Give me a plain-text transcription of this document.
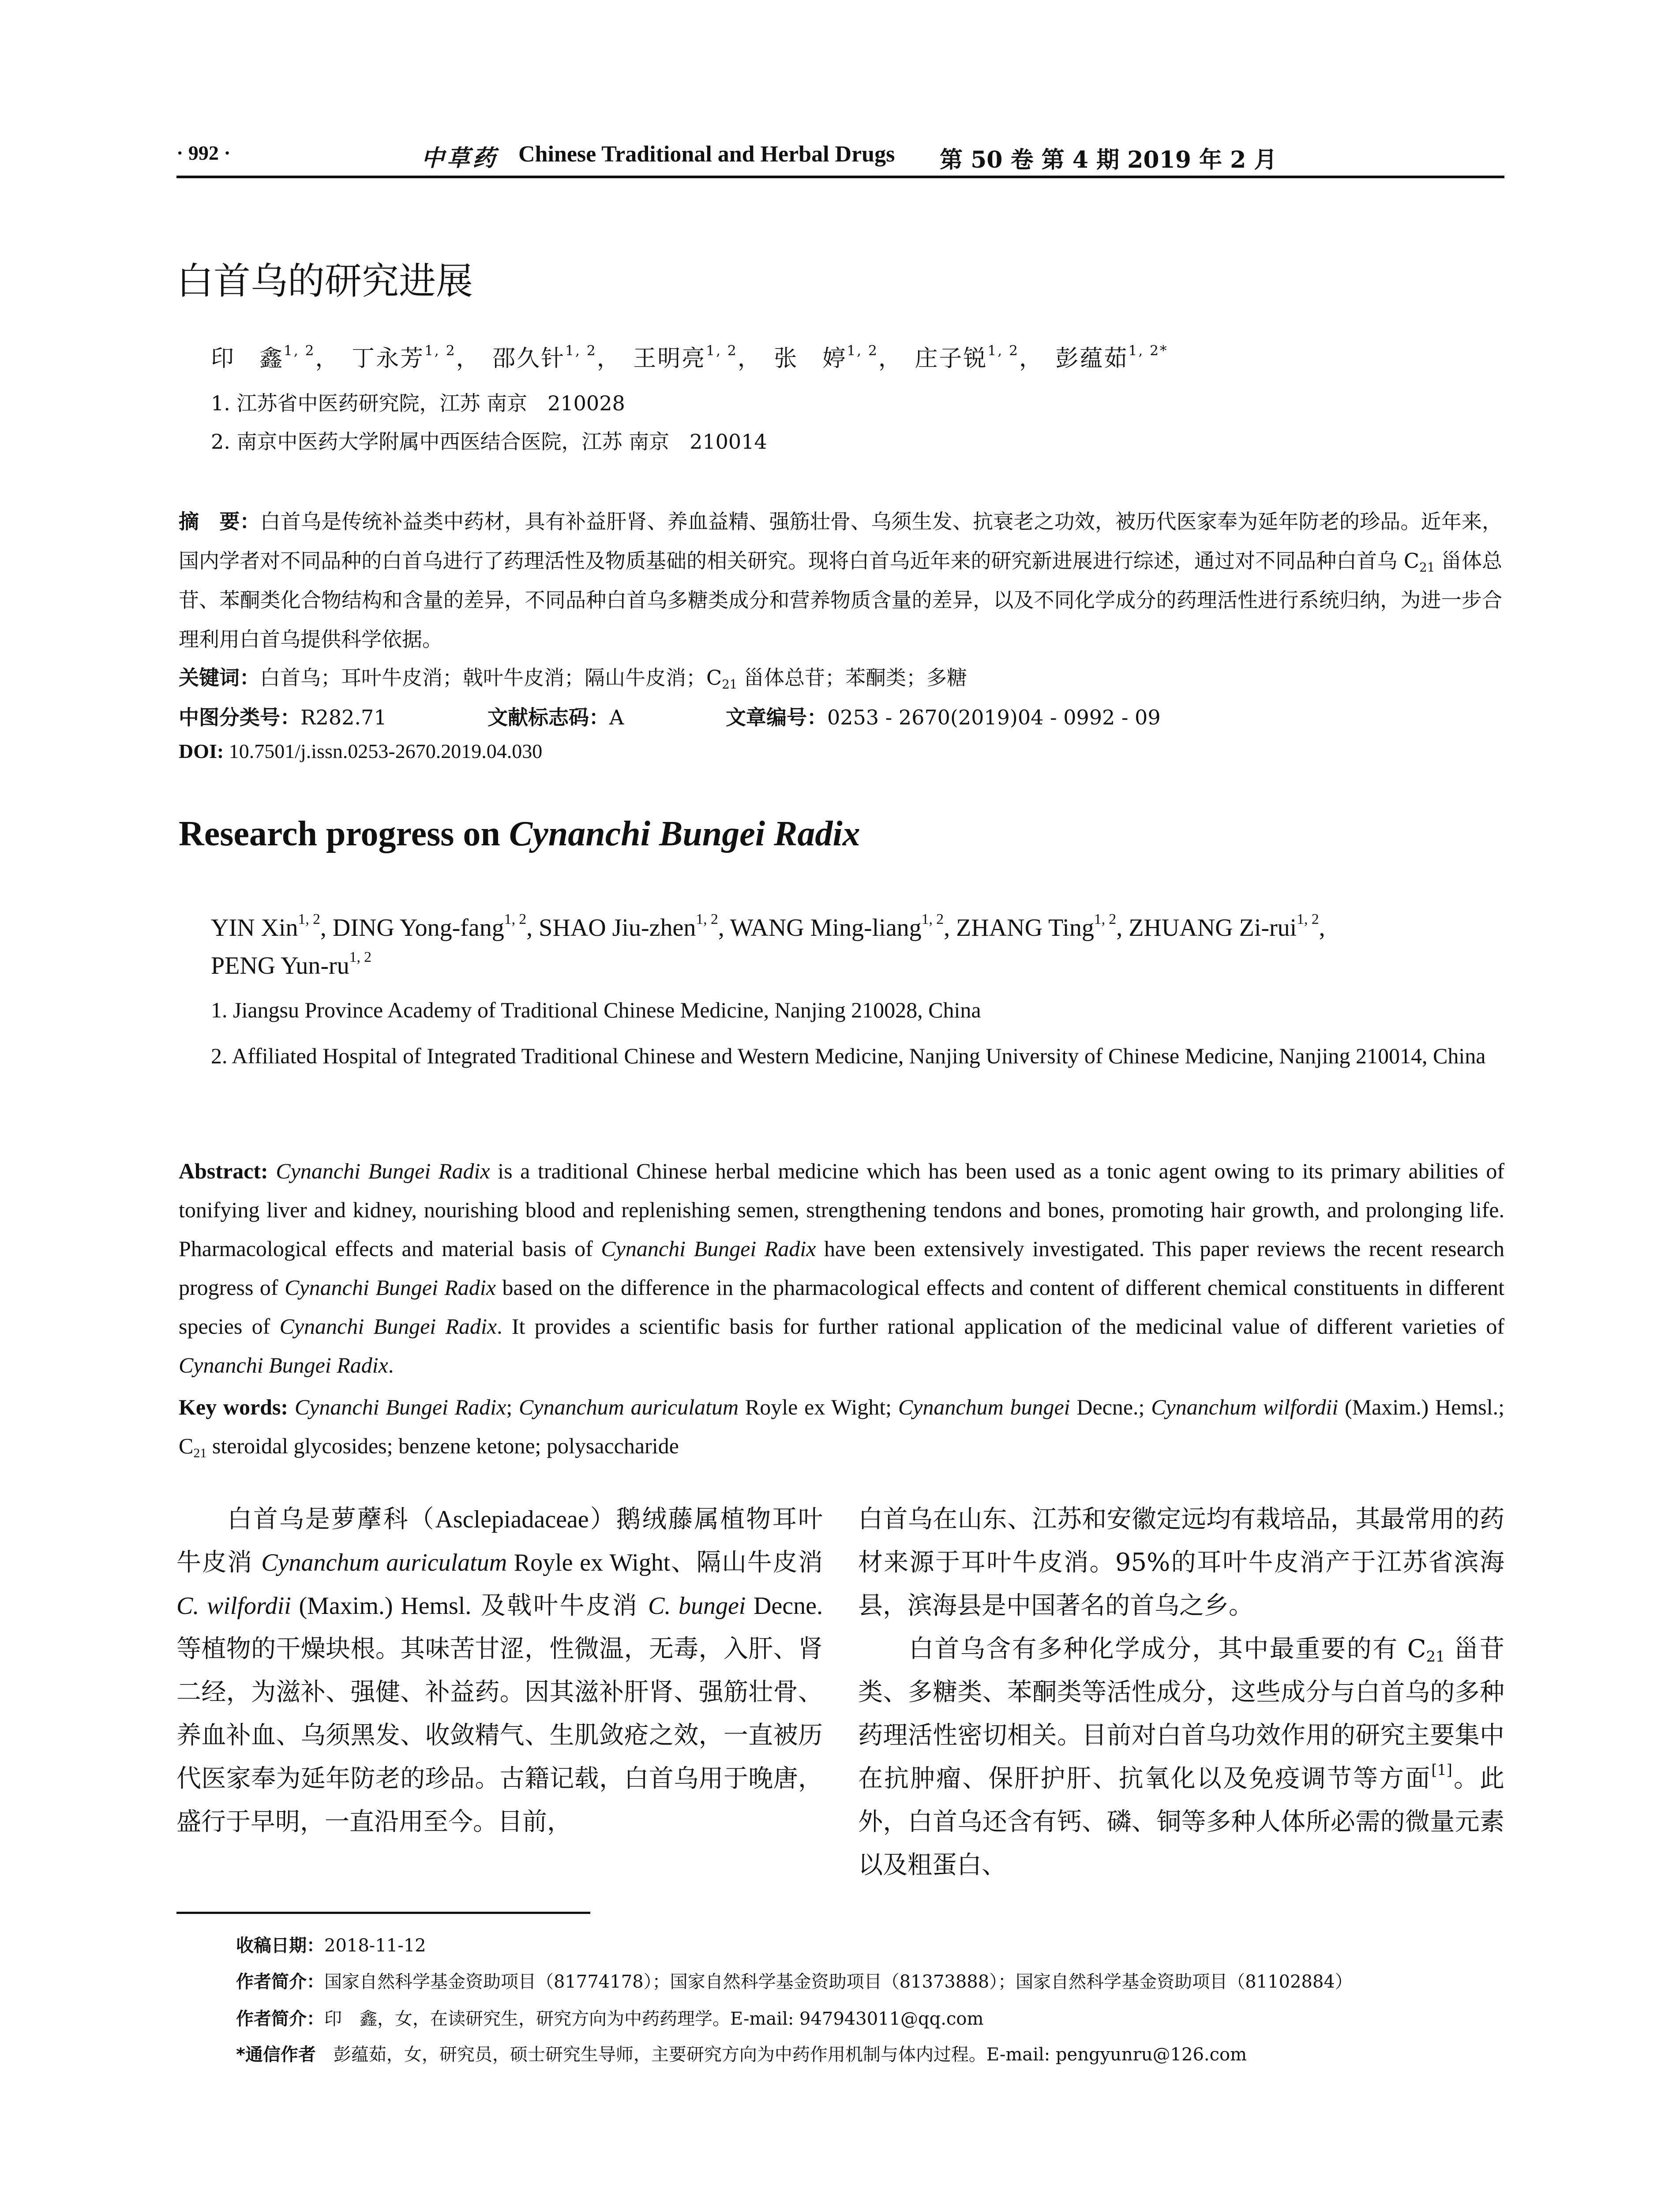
· 992 ·	中草药 Chinese Traditional and Herbal Drugs 第 50 卷 第 4 期 2019 年 2 月
白首乌的研究进展
印　鑫$^{1, 2}$， 丁永芳$^{1, 2}$， 邵久针$^{1, 2}$， 王明亮$^{1, 2}$， 张　婷$^{1, 2}$， 庄子锐$^{1, 2}$， 彭蕴茹$^{1, 2*}$
1. 江苏省中医药研究院，江苏 南京　210028
2. 南京中医药大学附属中西医结合医院，江苏 南京　210014
摘　要：白首乌是传统补益类中药材，具有补益肝肾、养血益精、强筋壮骨、乌须生发、抗衰老之功效，被历代医家奉为延年防老的珍品。近年来，国内学者对不同品种的白首乌进行了药理活性及物质基础的相关研究。现将白首乌近年来的研究新进展进行综述，通过对不同品种白首乌 $C_{21}$ 甾体总苷、苯酮类化合物结构和含量的差异，不同品种白首乌多糖类成分和营养物质含量的差异，以及不同化学成分的药理活性进行系统归纳，为进一步合理利用白首乌提供科学依据。
关键词：白首乌；耳叶牛皮消；戟叶牛皮消；隔山牛皮消；$C_{21}$ 甾体总苷；苯酮类；多糖
中图分类号：R282.71	文献标志码：A	文章编号：0253 - 2670(2019)04 - 0992 - 09
DOI: 10.7501/j.issn.0253-2670.2019.04.030
Research progress on Cynanchi Bungei Radix
YIN Xin$^{1, 2}$, DING Yong-fang$^{1, 2}$, SHAO Jiu-zhen$^{1, 2}$, WANG Ming-liang$^{1, 2}$, ZHANG Ting$^{1, 2}$, ZHUANG Zi-rui$^{1, 2}$,
PENG Yun-ru$^{1, 2}$
1. Jiangsu Province Academy of Traditional Chinese Medicine, Nanjing 210028, China
2. Affiliated Hospital of Integrated Traditional Chinese and Western Medicine, Nanjing University of Chinese Medicine, Nanjing 210014, China
Abstract: Cynanchi Bungei Radix is a traditional Chinese herbal medicine which has been used as a tonic agent owing to its primary abilities of tonifying liver and kidney, nourishing blood and replenishing semen, strengthening tendons and bones, promoting hair growth, and prolonging life. Pharmacological effects and material basis of Cynanchi Bungei Radix have been extensively investigated. This paper reviews the recent research progress of Cynanchi Bungei Radix based on the difference in the pharmacological effects and content of different chemical constituents in different species of Cynanchi Bungei Radix. It provides a scientific basis for further rational application of the medicinal value of different varieties of Cynanchi Bungei Radix.
Key words: Cynanchi Bungei Radix; Cynanchum auriculatum Royle ex Wight; Cynanchum bungei Decne.; Cynanchum wilfordii (Maxim.) Hemsl.; $C_{21}$ steroidal glycosides; benzene ketone; polysaccharide

白首乌是萝藦科（Asclepiadaceae）鹅绒藤属植物耳叶牛皮消 Cynanchum auriculatum Royle ex Wight、隔山牛皮消 C. wilfordii (Maxim.) Hemsl. 及戟叶牛皮消 C. bungei Decne. 等植物的干燥块根。其味苦甘涩，性微温，无毒，入肝、肾二经，为滋补、强健、补益药。因其滋补肝肾、强筋壮骨、养血补血、乌须黑发、收敛精气、生肌敛疮之效，一直被历代医家奉为延年防老的珍品。古籍记载，白首乌用于晚唐，盛行于早明，一直沿用至今。目前，

白首乌在山东、江苏和安徽定远均有栽培品，其最常用的药材来源于耳叶牛皮消。95%的耳叶牛皮消产于江苏省滨海县，滨海县是中国著名的首乌之乡。

白首乌含有多种化学成分，其中最重要的有 $C_{21}$ 甾苷类、多糖类、苯酮类等活性成分，这些成分与白首乌的多种药理活性密切相关。目前对白首乌功效作用的研究主要集中在抗肿瘤、保肝护肝、抗氧化以及免疫调节等方面[1]。此外，白首乌还含有钙、磷、铜等多种人体所必需的微量元素以及粗蛋白、

收稿日期：2018-11-12
作者简介：国家自然科学基金资助项目（81774178）；国家自然科学基金资助项目（81373888）；国家自然科学基金资助项目（81102884）
作者简介：印　鑫，女，在读研究生，研究方向为中药药理学。E-mail: 947943011@qq.com
*通信作者　彭蕴茹，女，研究员，硕士研究生导师，主要研究方向为中药作用机制与体内过程。E-mail: pengyunru@126.com
